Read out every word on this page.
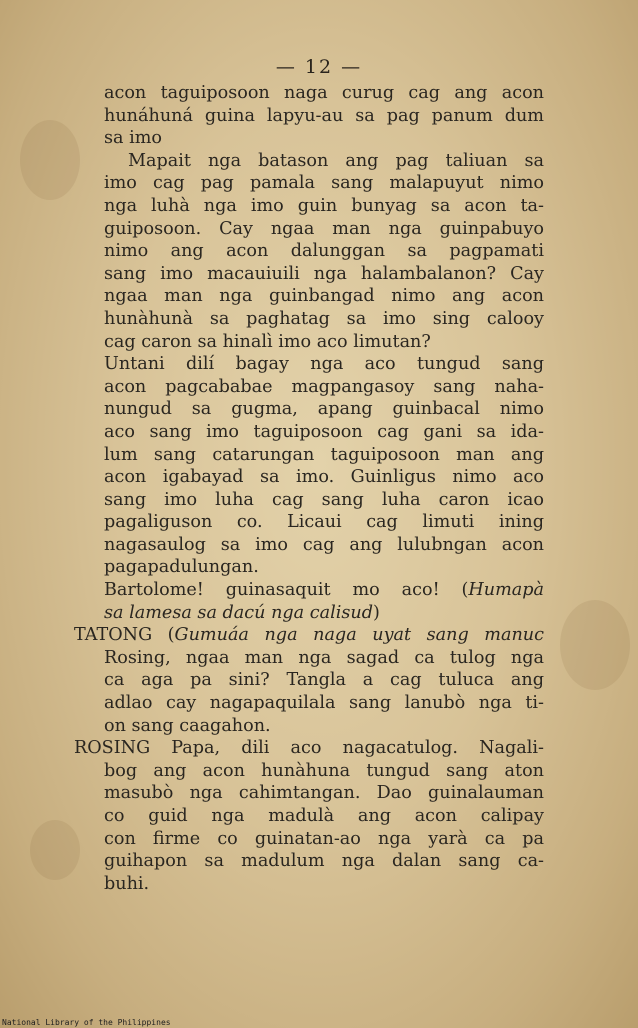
— 12 —
acon taguiposoon naga curug cag ang acon
hunáhuná guina lapyu-au sa pag panum dum
sa imo
Mapait nga batason ang pag taliuan sa
imo cag pag pamala sang malapuyut nimo
nga luhà nga imo guin bunyag sa acon ta-
guiposoon. Cay ngaa man nga guinpabuyo
nimo ang acon dalunggan sa pagpamati
sang imo macauiuili nga halambalanon? Cay
ngaa man nga guinbangad nimo ang acon
hunàhunà sa paghatag sa imo sing calooy
cag caron sa hinalì imo aco limutan?
Untani dilí bagay nga aco tungud sang
acon pagcababae magpangasoy sang naha-
nungud sa gugma, apang guinbacal nimo
aco sang imo taguiposoon cag gani sa ida-
lum sang catarungan taguiposoon man ang
acon igabayad sa imo. Guinligus nimo aco
sang imo luha cag sang luha caron icao
pagaliguson co. Licaui cag limuti ining
nagasaulog sa imo cag ang lulubngan acon
pagapadulungan.
Bartolome! guinasaquit mo aco! (Humapà
sa lamesa sa dacú nga calisud)
TATONG (Gumuáa nga naga uyat sang manuc
Rosing, ngaa man nga sagad ca tulog nga
ca aga pa sini? Tangla a cag tuluca ang
adlao cay nagapaquilala sang lanubò nga ti-
on sang caagahon.
ROSING Papa, dili aco nagacatulog. Nagali-
bog ang acon hunàhuna tungud sang aton
masubò nga cahimtangan. Dao guinalauman
co guid nga madulà ang acon calipay
con firme co guinatan-ao nga yarà ca pa
guihapon sa madulum nga dalan sang ca-
buhi.
National Library of the Philippines
